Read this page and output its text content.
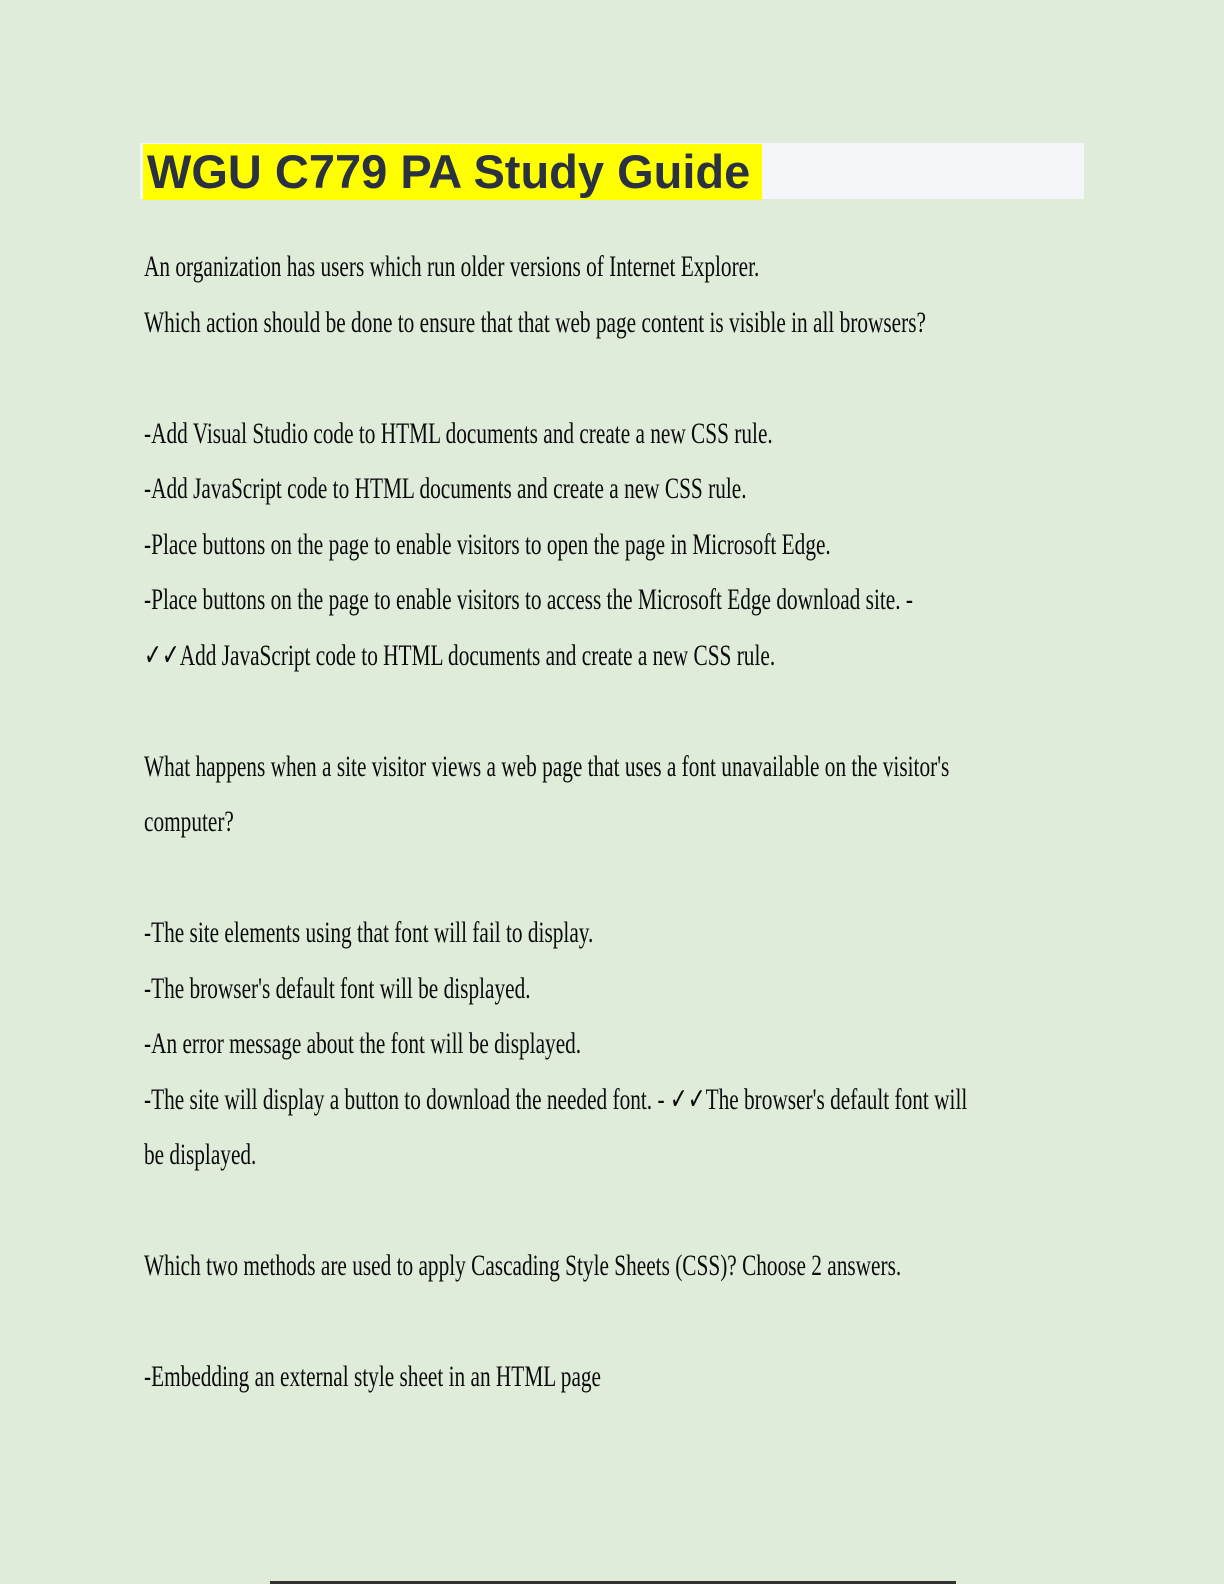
WGU C779 PA Study Guide
An organization has users which run older versions of Internet Explorer.
Which action should be done to ensure that that web page content is visible in all browsers?
-Add Visual Studio code to HTML documents and create a new CSS rule.
-Add JavaScript code to HTML documents and create a new CSS rule.
-Place buttons on the page to enable visitors to open the page in Microsoft Edge.
-Place buttons on the page to enable visitors to access the Microsoft Edge download site. -
✓✓Add JavaScript code to HTML documents and create a new CSS rule.
What happens when a site visitor views a web page that uses a font unavailable on the visitor's
computer?
-The site elements using that font will fail to display.
-The browser's default font will be displayed.
-An error message about the font will be displayed.
-The site will display a button to download the needed font. - ✓✓The browser's default font will
be displayed.
Which two methods are used to apply Cascading Style Sheets (CSS)? Choose 2 answers.
-Embedding an external style sheet in an HTML page
